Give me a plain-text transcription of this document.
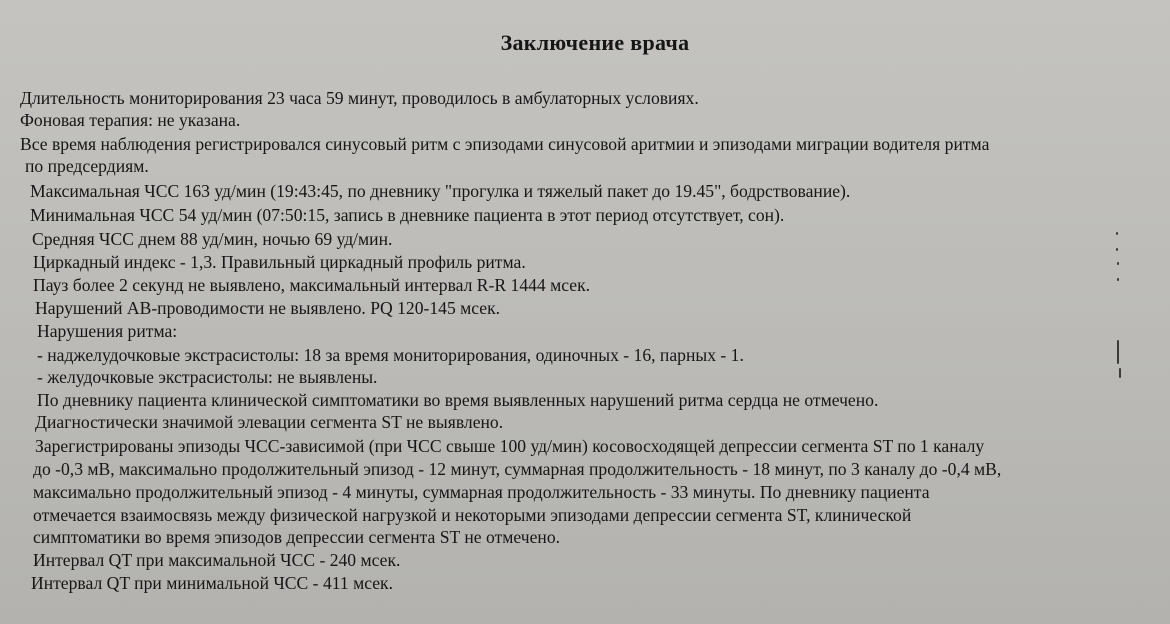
Заключение врача

Длительность мониторирования 23 часа 59 минут, проводилось в амбулаторных условиях.

Фоновая терапия: не указана.

Все время наблюдения регистрировался синусовый ритм с эпизодами синусовой аритмии и эпизодами миграции водителя ритма

по предсердиям.

Максимальная ЧСС 163 уд/мин (19:43:45, по дневнику "прогулка и тяжелый пакет до 19.45", бодрствование).

Минимальная ЧСС 54 уд/мин (07:50:15, запись в дневнике пациента в этот период отсутствует, сон).

Средняя ЧСС днем 88 уд/мин, ночью 69 уд/мин.

Циркадный индекс - 1,3. Правильный циркадный профиль ритма.

Пауз более 2 секунд не выявлено, максимальный интервал R-R 1444 мсек.

Нарушений АВ-проводимости не выявлено. PQ 120-145 мсек.

Нарушения ритма:

- наджелудочковые экстрасистолы: 18 за время мониторирования, одиночных - 16, парных - 1.

- желудочковые экстрасистолы: не выявлены.

По дневнику пациента клинической симптоматики во время выявленных нарушений ритма сердца не отмечено.

Диагностически значимой элевации сегмента ST не выявлено.

Зарегистрированы эпизоды ЧСС-зависимой (при ЧСС свыше 100 уд/мин) косовосходящей депрессии сегмента ST по 1 каналу

до -0,3 мВ, максимально продолжительный эпизод - 12 минут, суммарная продолжительность - 18 минут, по 3 каналу до -0,4 мВ,

максимально продолжительный эпизод - 4 минуты, суммарная продолжительность - 33 минуты. По дневнику пациента

отмечается взаимосвязь между физической нагрузкой и некоторыми эпизодами депрессии сегмента ST, клинической

симптоматики во время эпизодов депрессии сегмента ST не отмечено.

Интервал QT при максимальной ЧСС - 240 мсек.

Интервал QT при минимальной ЧСС - 411 мсек.
